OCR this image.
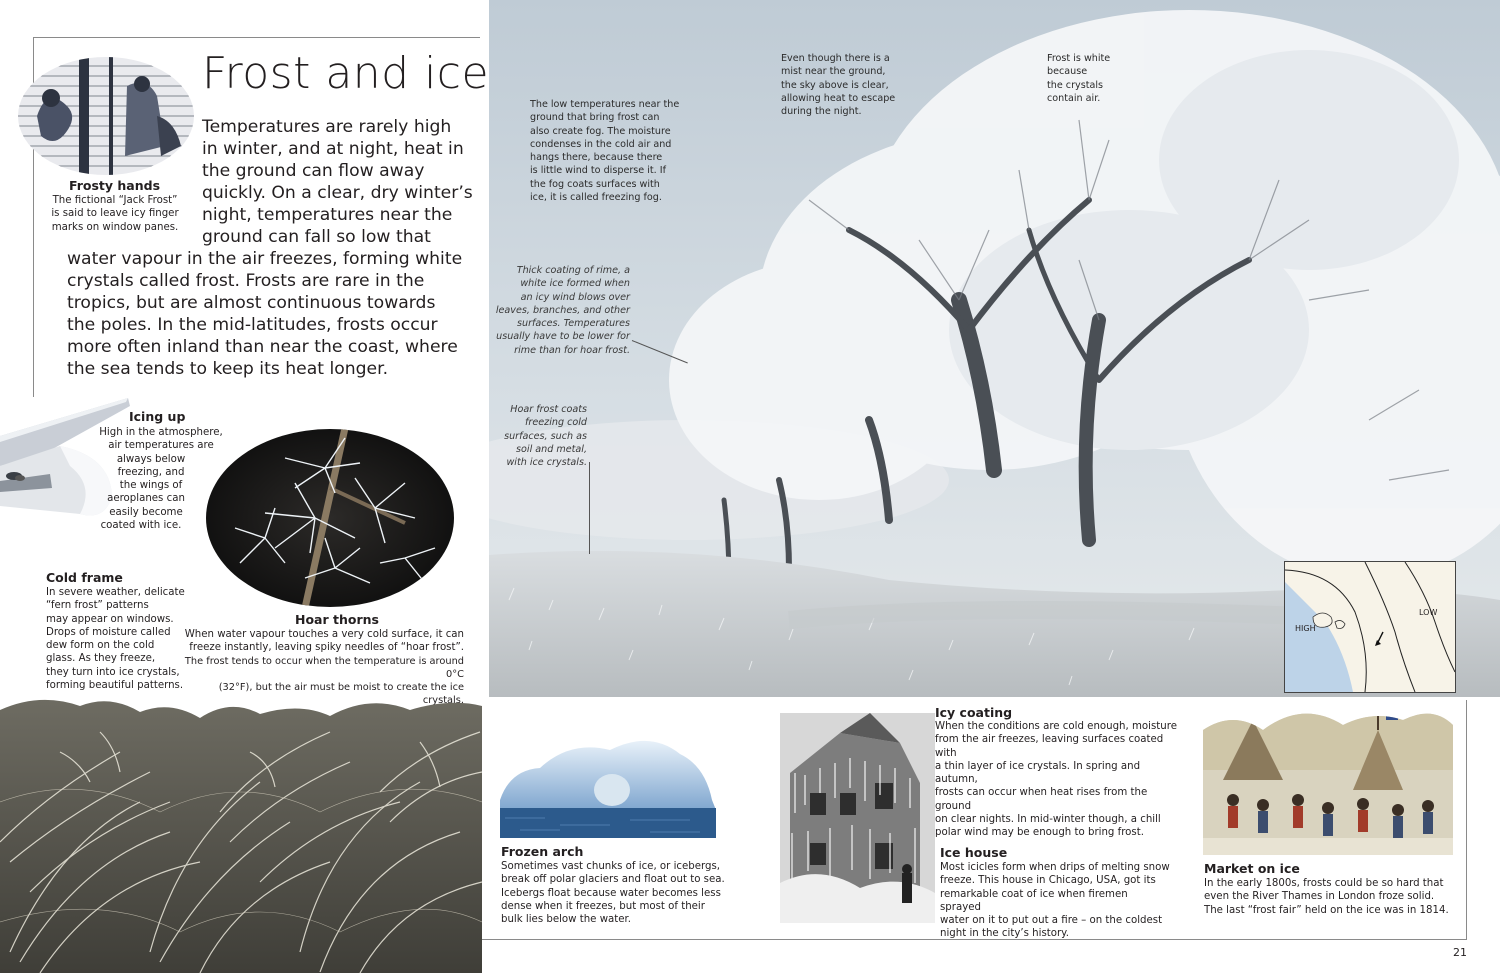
Frost and ice
Temperatures are rarely high
in winter, and at night, heat in
the ground can flow away
quickly. On a clear, dry winter’s
night, temperatures near the
ground can fall so low that
water vapour in the air freezes, forming white
crystals called frost. Frosts are rare in the
tropics, but are almost continuous towards
the poles. In the mid-latitudes, frosts occur
more often inland than near the coast, where
the sea tends to keep its heat longer.
Frosty hands
The fictional “Jack Frost”
is said to leave icy finger
marks on window panes.
Icing up
High in the atmosphere,
air temperatures are
always below
freezing, and
the wings of
aeroplanes can
easily become
coated with ice.
Cold frame
In severe weather, delicate
“fern frost” patterns
may appear on windows.
Drops of moisture called
dew form on the cold
glass. As they freeze,
they turn into ice crystals,
forming beautiful patterns.
Hoar thorns
When water vapour touches a very cold surface, it can
freeze instantly, leaving spiky needles of “hoar frost”.
The frost tends to occur when the temperature is around 0°C
(32°F), but the air must be moist to create the ice crystals.
The low temperatures near the
ground that bring frost can
also create fog. The moisture
condenses in the cold air and
hangs there, because there
is little wind to disperse it. If
the fog coats surfaces with
ice, it is called freezing fog.
Even though there is a
mist near the ground,
the sky above is clear,
allowing heat to escape
during the night.
Frost is white
because
the crystals
contain air.
Thick coating of rime, a
white ice formed when
an icy wind blows over
leaves, branches, and other
surfaces. Temperatures
usually have to be lower for
rime than for hoar frost.
Hoar frost coats
freezing cold
surfaces, such as
soil and metal,
with ice crystals.
HIGH
LOW
Frozen arch
Sometimes vast chunks of ice, or icebergs,
break off polar glaciers and float out to sea.
Icebergs float because water becomes less
dense when it freezes, but most of their
bulk lies below the water.
Icy coating
When the conditions are cold enough, moisture
from the air freezes, leaving surfaces coated with
a thin layer of ice crystals. In spring and autumn,
frosts can occur when heat rises from the ground
on clear nights. In mid-winter though, a chill
polar wind may be enough to bring frost.
Ice house
Most icicles form when drips of melting snow
freeze. This house in Chicago, USA, got its
remarkable coat of ice when firemen sprayed
water on it to put out a fire – on the coldest
night in the city’s history.
Market on ice
In the early 1800s, frosts could be so hard that
even the River Thames in London froze solid.
The last “frost fair” held on the ice was in 1814.
21
